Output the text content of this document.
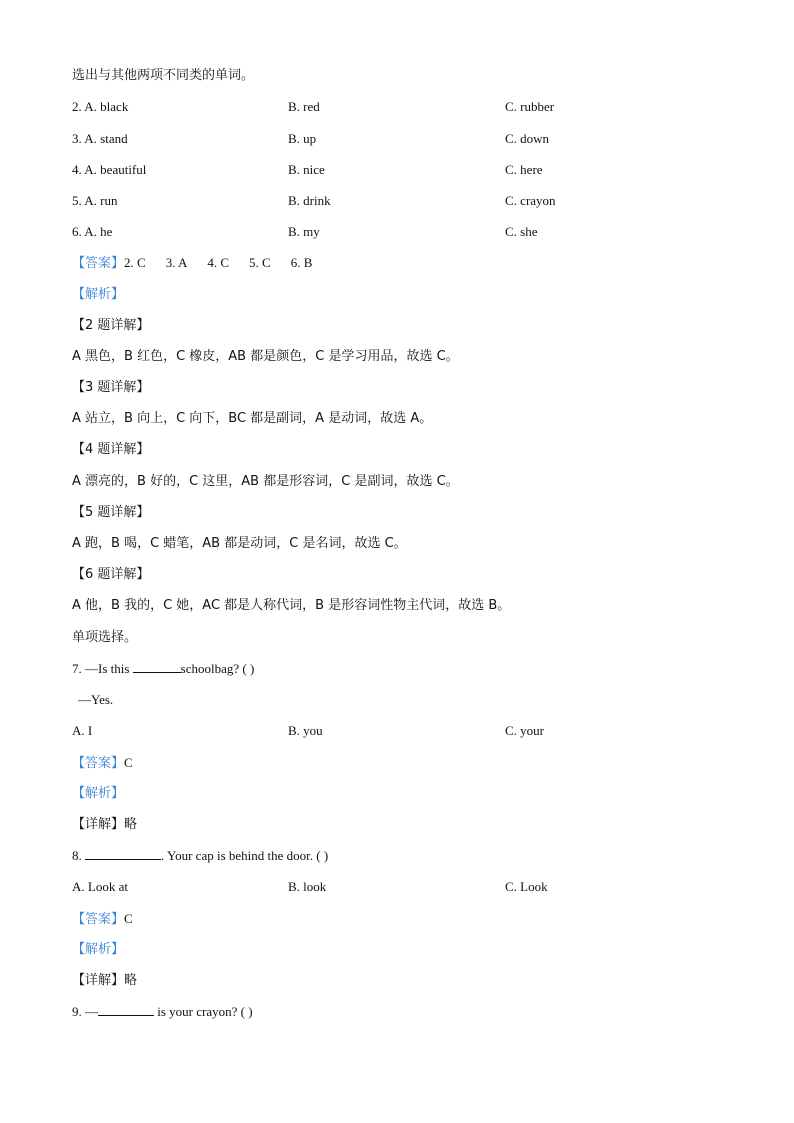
选出与其他两项不同类的单词。
2. A. black	B. red	C. rubber
3. A. stand	B. up	C. down
4. A. beautiful	B. nice	C. here
5. A. run	B. drink	C. crayon
6. A. he	B. my	C. she
【答案】2. C 3. A 4. C 5. C 6. B
【解析】
【2 题详解】
A 黑色，B 红色，C 橡皮，AB 都是颜色，C 是学习用品，故选 C。
【3 题详解】
A 站立，B 向上，C 向下，BC 都是副词，A 是动词，故选 A。
【4 题详解】
A 漂亮的，B 好的，C 这里，AB 都是形容词，C 是副词，故选 C。
【5 题详解】
A 跑，B 喝，C 蜡笔，AB 都是动词，C 是名词，故选 C。
【6 题详解】
A 他，B 我的，C 她，AC 都是人称代词，B 是形容词性物主代词，故选 B。
单项选择。
7. —Is this	schoolbag? ( )
—Yes.
A. I	B. you	C. your
【答案】C
【解析】
【详解】略
8.	. Your cap is behind the door. ( )
A. Look at	B. look	C. Look
【答案】C
【解析】
【详解】略
9. —	is your crayon? ( )
